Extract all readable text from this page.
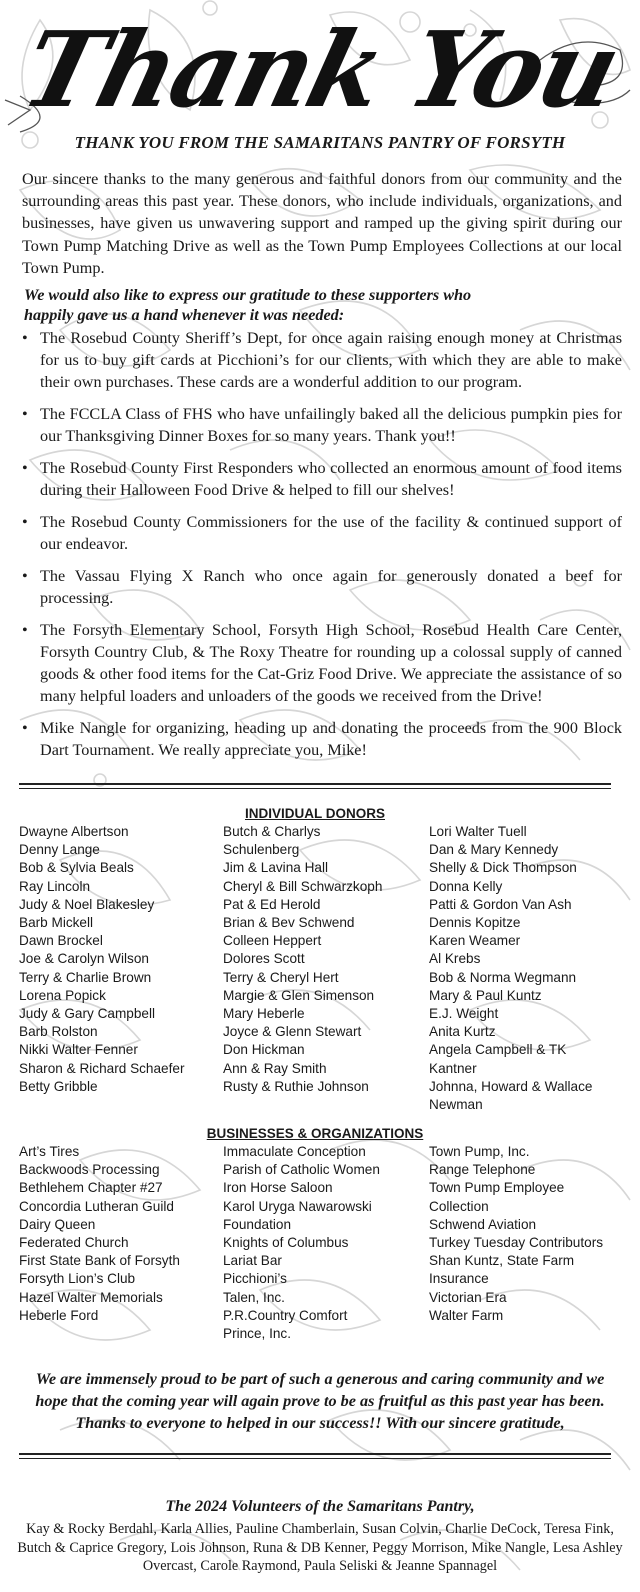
Thank You
THANK YOU FROM THE SAMARITANS PANTRY OF FORSYTH

Our sincere thanks to the many generous and faithful donors from our community and the surrounding areas this past year. These donors, who include individuals, organizations, and businesses, have given us unwavering support and ramped up the giving spirit during our Town Pump Matching Drive as well as the Town Pump Employees Collections at our local Town Pump.

We would also like to express our gratitude to these supporters who happily gave us a hand whenever it was needed:
• The Rosebud County Sheriff’s Dept, for once again raising enough money at Christmas for us to buy gift cards at Picchioni’s for our clients, with which they are able to make their own purchases. These cards are a wonderful addition to our program.
• The FCCLA Class of FHS who have unfailingly baked all the delicious pumpkin pies for our Thanksgiving Dinner Boxes for so many years. Thank you!!
• The Rosebud County First Responders who collected an enormous amount of food items during their Halloween Food Drive & helped to fill our shelves!
• The Rosebud County Commissioners for the use of the facility & continued support of our endeavor.
• The Vassau Flying X Ranch who once again for generously donated a beef for processing.
• The Forsyth Elementary School, Forsyth High School, Rosebud Health Care Center, Forsyth Country Club, & The Roxy Theatre for rounding up a colossal supply of canned goods & other food items for the Cat-Griz Food Drive. We appreciate the assistance of so many helpful loaders and unloaders of the goods we received from the Drive!
• Mike Nangle for organizing, heading up and donating the proceeds from the 900 Block Dart Tournament. We really appreciate you, Mike!
INDIVIDUAL DONORS
Dwayne Albertson
Denny Lange
Bob & Sylvia Beals
Ray Lincoln
Judy & Noel Blakesley
Barb Mickell
Dawn Brockel
Joe & Carolyn Wilson
Terry & Charlie Brown
Lorena Popick
Judy & Gary Campbell
Barb Rolston
Nikki Walter Fenner
Sharon & Richard Schaefer
Betty Gribble
Butch & Charlys
Schulenberg
Jim & Lavina Hall
Cheryl & Bill Schwarzkoph
Pat & Ed Herold
Brian & Bev Schwend
Colleen Heppert
Dolores Scott
Terry & Cheryl Hert
Margie & Glen Simenson
Mary Heberle
Joyce & Glenn Stewart
Don Hickman
Ann & Ray Smith
Rusty & Ruthie Johnson
Lori Walter Tuell
Dan & Mary Kennedy
Shelly & Dick Thompson
Donna Kelly
Patti & Gordon Van Ash
Dennis Kopitze
Karen Weamer
Al Krebs
Bob & Norma Wegmann
Mary & Paul Kuntz
E.J. Weight
Anita Kurtz
Angela Campbell & TK
Kantner
Johnna, Howard & Wallace
Newman
BUSINESSES & ORGANIZATIONS
Art’s Tires
Backwoods Processing
Bethlehem Chapter #27
Concordia Lutheran Guild
Dairy Queen
Federated Church
First State Bank of Forsyth
Forsyth Lion’s Club
Hazel Walter Memorials
Heberle Ford
Immaculate Conception
Parish of Catholic Women
Iron Horse Saloon
Karol Uryga Nawarowski
Foundation
Knights of Columbus
Lariat Bar
Picchioni’s
Talen, Inc.
P.R.Country Comfort
Prince, Inc.
Town Pump, Inc.
Range Telephone
Town Pump Employee
Collection
Schwend Aviation
Turkey Tuesday Contributors
Shan Kuntz, State Farm
Insurance
Victorian Era
Walter Farm

We are immensely proud to be part of such a generous and caring community and we hope that the coming year will again prove to be as fruitful as this past year has been. Thanks to everyone to helped in our success!! With our sincere gratitude,

The 2024 Volunteers of the Samaritans Pantry,

Kay & Rocky Berdahl, Karla Allies, Pauline Chamberlain, Susan Colvin, Charlie DeCock, Teresa Fink, Butch & Caprice Gregory, Lois Johnson, Runa & DB Kenner, Peggy Morrison, Mike Nangle, Lesa Ashley Overcast, Carole Raymond, Paula Seliski & Jeanne Spannagel
